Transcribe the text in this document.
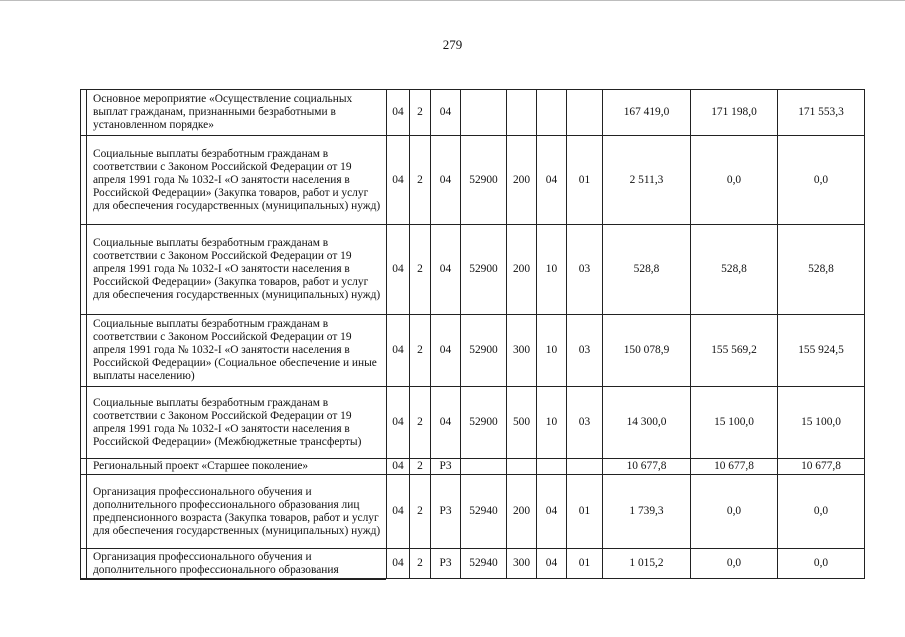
279
	Основное мероприятие «Осуществление социальных выплат гражданам, признанными безработными в установленном порядке»	04	2	04					167 419,0	171 198,0	171 553,3
	Социальные выплаты безработным гражданам в соответствии с Законом Российской Федерации от 19 апреля 1991 года № 1032-I «О занятости населения в Российской Федерации» (Закупка товаров, работ и услуг для обеспечения государственных (муниципальных) нужд)	04	2	04	52900	200	04	01	2 511,3	0,0	0,0
	Социальные выплаты безработным гражданам в соответствии с Законом Российской Федерации от 19 апреля 1991 года № 1032-I «О занятости населения в Российской Федерации» (Закупка товаров, работ и услуг для обеспечения государственных (муниципальных) нужд)	04	2	04	52900	200	10	03	528,8	528,8	528,8
	Социальные выплаты безработным гражданам в соответствии с Законом Российской Федерации от 19 апреля 1991 года № 1032-I «О занятости населения в Российской Федерации» (Социальное обеспечение и иные выплаты населению)	04	2	04	52900	300	10	03	150 078,9	155 569,2	155 924,5
	Социальные выплаты безработным гражданам в соответствии с Законом Российской Федерации от 19 апреля 1991 года № 1032-I «О занятости населения в Российской Федерации» (Межбюджетные трансферты)	04	2	04	52900	500	10	03	14 300,0	15 100,0	15 100,0
	Региональный проект «Старшее поколение»	04	2	P3					10 677,8	10 677,8	10 677,8
	Организация профессионального обучения и дополнительного профессионального образования лиц предпенсионного возраста (Закупка товаров, работ и услуг для обеспечения государственных (муниципальных) нужд)	04	2	P3	52940	200	04	01	1 739,3	0,0	0,0
	Организация профессионального обучения и дополнительного профессионального образования	04	2	P3	52940	300	04	01	1 015,2	0,0	0,0
